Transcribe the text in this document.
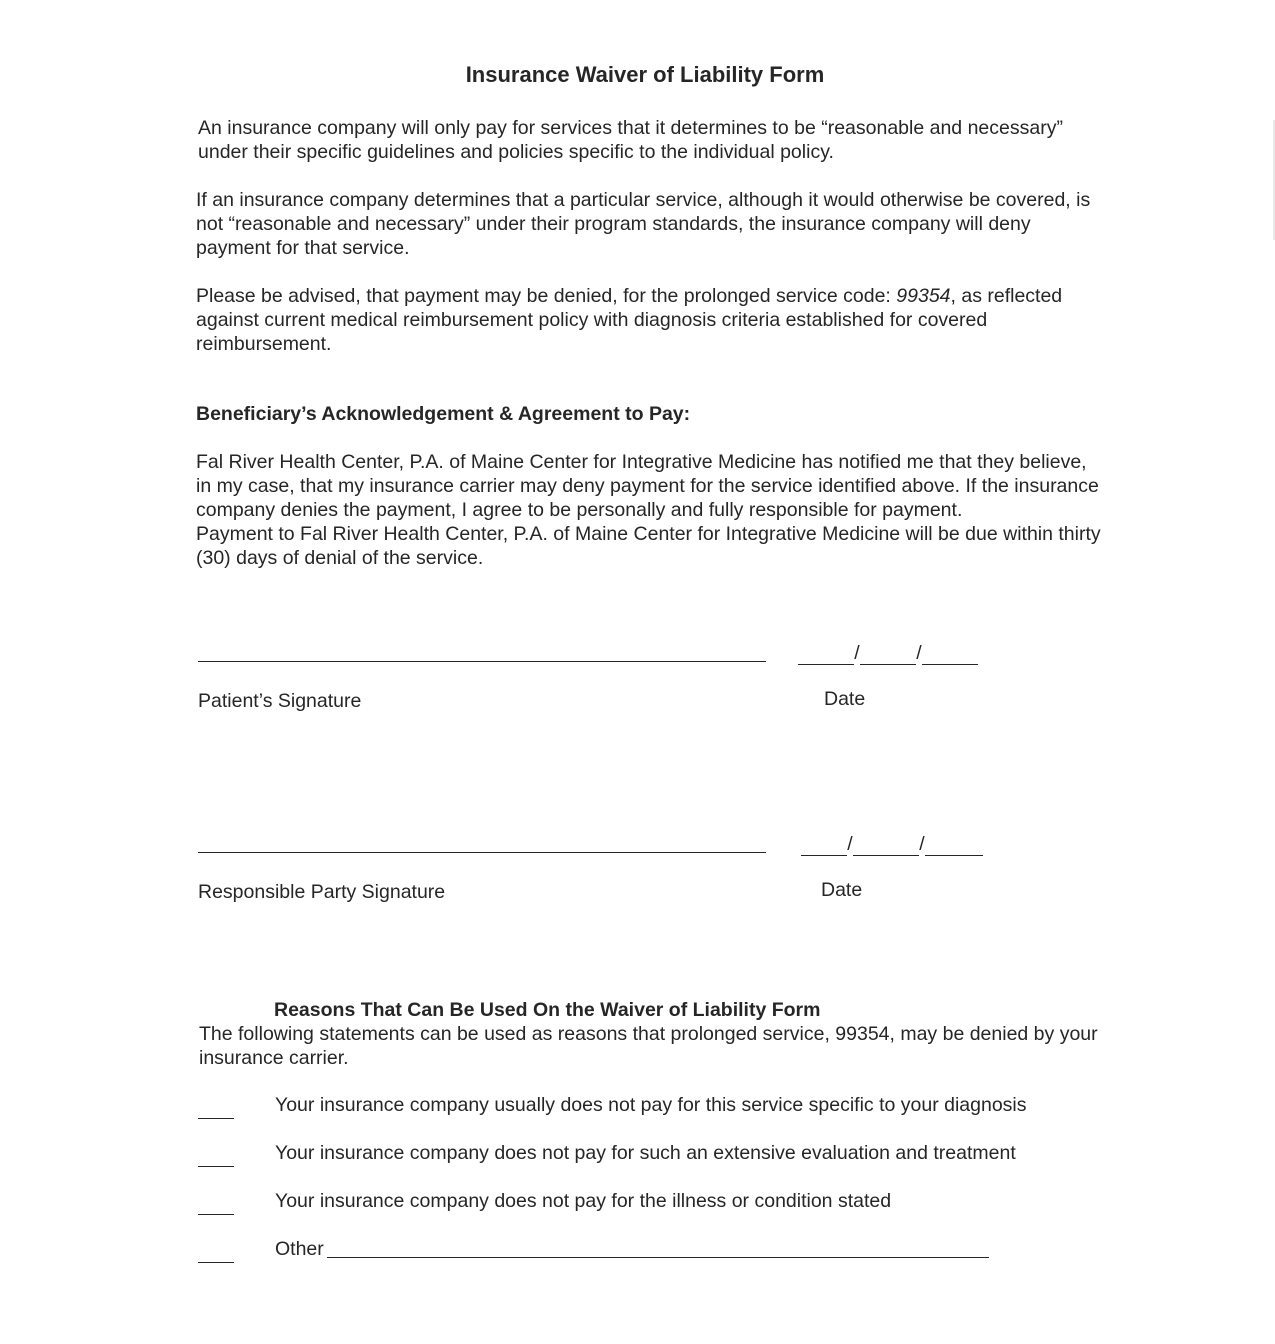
Insurance Waiver of Liability Form

An insurance company will only pay for services that it determines to be “reasonable and necessary” under their specific guidelines and policies specific to the individual policy.

If an insurance company determines that a particular service, although it would otherwise be covered, is not “reasonable and necessary” under their program standards, the insurance company will deny payment for that service.

Please be advised, that payment may be denied, for the prolonged service code: 99354, as reflected against current medical reimbursement policy with diagnosis criteria established for covered reimbursement.

Beneficiary’s Acknowledgement & Agreement to Pay:

Fal River Health Center, P.A. of Maine Center for Integrative Medicine has notified me that they believe, in my case, that my insurance carrier may deny payment for the service identified above. If the insurance company denies the payment, I agree to be personally and fully responsible for payment.

Payment to Fal River Health Center, P.A. of Maine Center for Integrative Medicine will be due within thirty (30) days of denial of the service.

/	/
Patient’s Signature	Date
/	/
Responsible Party Signature	Date
Reasons That Can Be Used On the Waiver of Liability Form

The following statements can be used as reasons that prolonged service, 99354, may be denied by your insurance carrier.

Your insurance company usually does not pay for this service specific to your diagnosis
Your insurance company does not pay for such an extensive evaluation and treatment
Your insurance company does not pay for the illness or condition stated
Other
